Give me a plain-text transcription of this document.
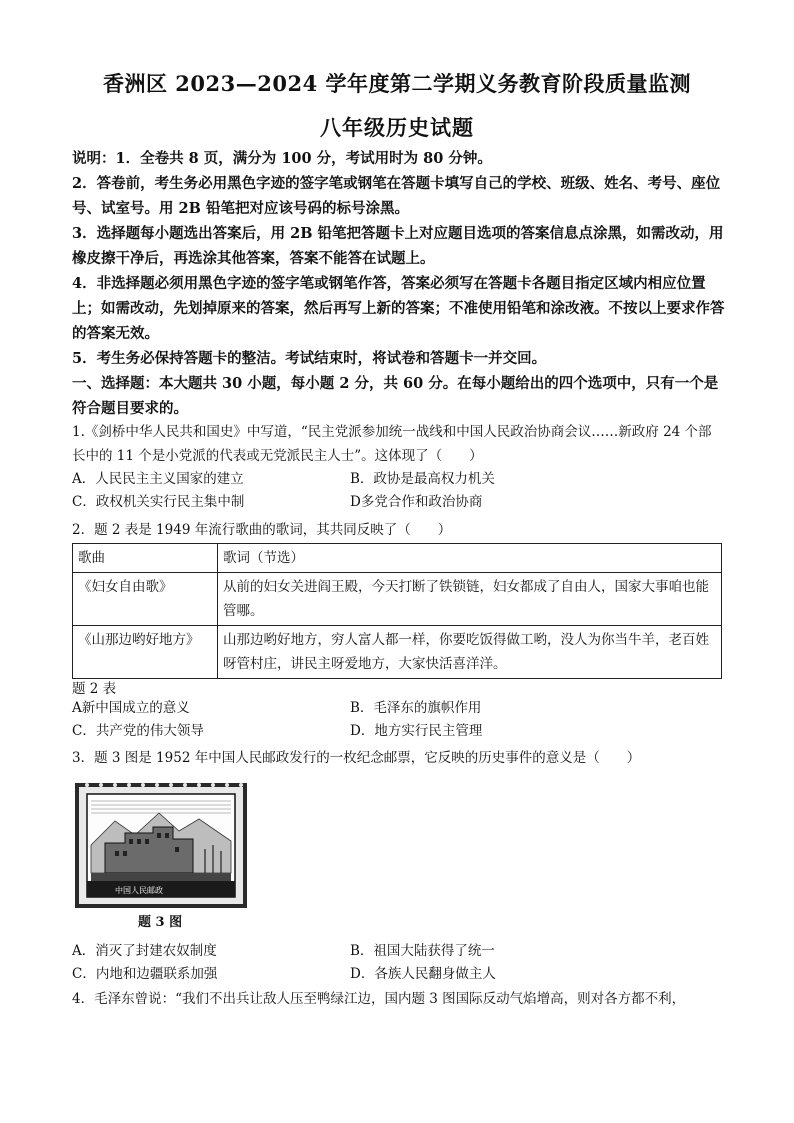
香洲区 2023—2024 学年度第二学期义务教育阶段质量监测
八年级历史试题

说明：1．全卷共 8 页，满分为 100 分，考试用时为 80 分钟。

2．答卷前，考生务必用黑色字迹的签字笔或钢笔在答题卡填写自己的学校、班级、姓名、考号、座位号、试室号。用 2B 铅笔把对应该号码的标号涂黑。

3．选择题每小题选出答案后，用 2B 铅笔把答题卡上对应题目选项的答案信息点涂黑，如需改动，用橡皮擦干净后，再选涂其他答案，答案不能答在试题上。

4．非选择题必须用黑色字迹的签字笔或钢笔作答，答案必须写在答题卡各题目指定区域内相应位置上；如需改动，先划掉原来的答案，然后再写上新的答案；不准使用铅笔和涂改液。不按以上要求作答的答案无效。

5．考生务必保持答题卡的整洁。考试结束时，将试卷和答题卡一并交回。

一、选择题：本大题共 30 小题，每小题 2 分，共 60 分。在每小题给出的四个选项中，只有一个是符合题目要求的。

1.《剑桥中华人民共和国史》中写道，“民主党派参加统一战线和中国人民政治协商会议……新政府 24 个部长中的 11 个是小党派的代表或无党派民主人士”。这体现了（　　）

A．人民民主主义国家的建立	B．政协是最高权力机关
C．政权机关实行民主集中制	D多党合作和政治协商

2．题 2 表是 1949 年流行歌曲的歌词，其共同反映了（　　）

歌曲	歌词（节选）
《妇女自由歌》	从前的妇女关进阎王殿，今天打断了铁锁链，妇女都成了自由人，国家大事咱也能管哪。
《山那边哟好地方》	山那边哟好地方，穷人富人都一样，你要吃饭得做工哟，没人为你当牛羊，老百姓呀管村庄，讲民主呀爱地方，大家快活喜洋洋。
题 2 表
A新中国成立的意义	B．毛泽东的旗帜作用
C．共产党的伟大领导	D．地方实行民主管理

3．题 3 图是 1952 年中国人民邮政发行的一枚纪念邮票，它反映的历史事件的意义是（　　）

中国人民邮政
题 3 图
A．消灭了封建农奴制度	B．祖国大陆获得了统一
C．内地和边疆联系加强	D．各族人民翻身做主人

4．毛泽东曾说：“我们不出兵让敌人压至鸭绿江边，国内题 3 图国际反动气焰增高，则对各方都不利，
